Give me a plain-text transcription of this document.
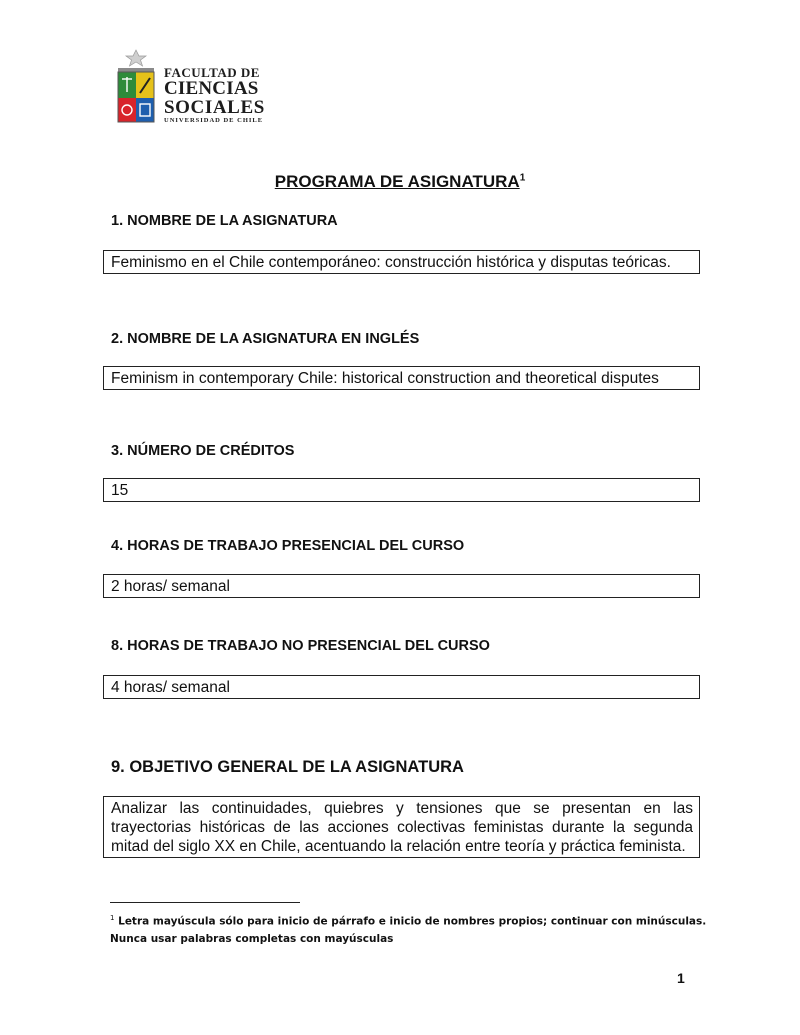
FACULTAD DE
CIENCIAS
SOCIALES
UNIVERSIDAD DE CHILE
PROGRAMA DE ASIGNATURA$^1$
1. NOMBRE DE LA ASIGNATURA
Feminismo en el Chile contemporáneo: construcción histórica y disputas teóricas.
2. NOMBRE DE LA ASIGNATURA EN INGLÉS
Feminism in contemporary Chile: historical construction and theoretical disputes
3. NÚMERO DE CRÉDITOS
15
4. HORAS DE TRABAJO PRESENCIAL DEL CURSO
2 horas/ semanal
8. HORAS DE TRABAJO NO PRESENCIAL DEL CURSO
4 horas/ semanal
9. OBJETIVO GENERAL DE LA ASIGNATURA
Analizar las continuidades, quiebres y tensiones que se presentan en las trayectorias históricas de las acciones colectivas feministas durante la segunda mitad del siglo XX en Chile, acentuando la relación entre teoría y práctica feminista.
$^1$ Letra mayúscula sólo para inicio de párrafo e inicio de nombres propios; continuar con minúsculas. Nunca usar palabras completas con mayúsculas
1
